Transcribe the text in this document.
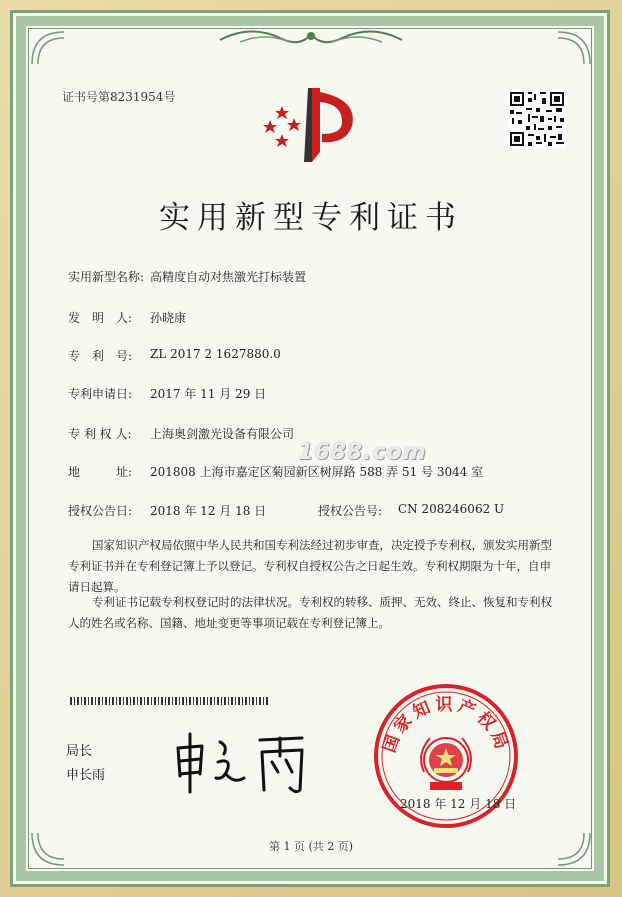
证书号第8231954号
实用新型专利证书
实用新型名称: 高精度自动对焦激光打标装置
发　明　人: 孙晓康
专　利　号: ZL 2017 2 1627880.0
专利申请日: 2017 年 11 月 29 日
专 利 权 人: 上海奥剑激光设备有限公司
1688.com
地　　　址: 201808 上海市嘉定区菊园新区树屏路 588 弄 51 号 3044 室
授权公告日: 2018 年 12 月 18 日	授权公告号: CN 208246062 U
国家知识产权局依照中华人民共和国专利法经过初步审查，决定授予专利权，颁发实用新型专利证书并在专利登记簿上予以登记。专利权自授权公告之日起生效。专利权期限为十年，自申请日起算。
专利证书记载专利权登记时的法律状况。专利权的转移、质押、无效、终止、恢复和专利权人的姓名或名称、国籍、地址变更等事项记载在专利登记簿上。
局长
申长雨
国家知识产权局
2018 年 12 月 18 日
第 1 页 (共 2 页)
